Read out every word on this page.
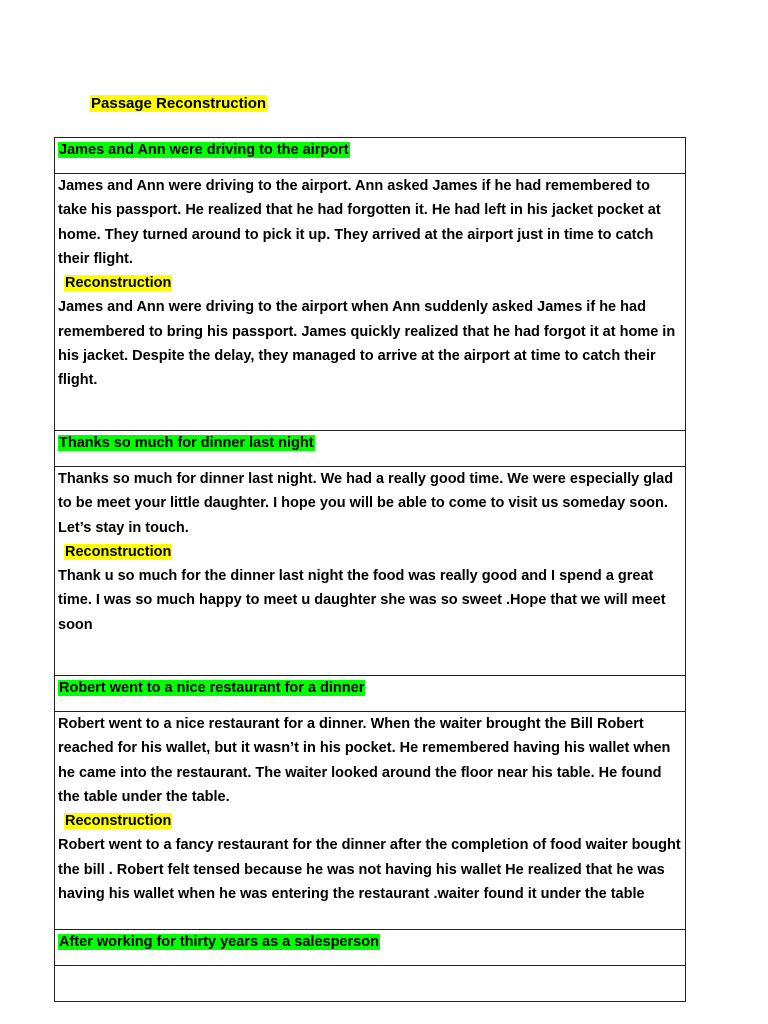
Passage Reconstruction
James and Ann were driving to the airport

James and Ann were driving to the airport. Ann asked James if he had remembered to take his passport. He realized that he had forgotten it. He had left in his jacket pocket at home. They turned around to pick it up. They arrived at the airport just in time to catch their flight.
Reconstruction
James and Ann were driving to the airport when Ann suddenly asked James if he had remembered to bring his passport. James quickly realized that he had forgot it at home in his jacket. Despite the delay, they managed to arrive at the airport at time to catch their flight.

Thanks so much for dinner last night

Thanks so much for dinner last night. We had a really good time. We were especially glad to be meet your little daughter. I hope you will be able to come to visit us someday soon.
Let’s stay in touch.
Reconstruction
Thank u so much for the dinner last night the food was really good and I spend a great time. I was so much happy to meet u daughter she was so sweet .Hope that we will meet soon

Robert went to a nice restaurant for a dinner

Robert went to a nice restaurant for a dinner. When the waiter brought the Bill Robert reached for his wallet, but it wasn’t in his pocket. He remembered having his wallet when he came into the restaurant. The waiter looked around the floor near his table. He found the table under the table.
Reconstruction
Robert went to a fancy restaurant for the dinner after the completion of food waiter bought the bill . Robert felt tensed because he was not having his wallet He realized that he was having his wallet when he was entering the restaurant .waiter found it under the table

After working for thirty years as a salesperson
